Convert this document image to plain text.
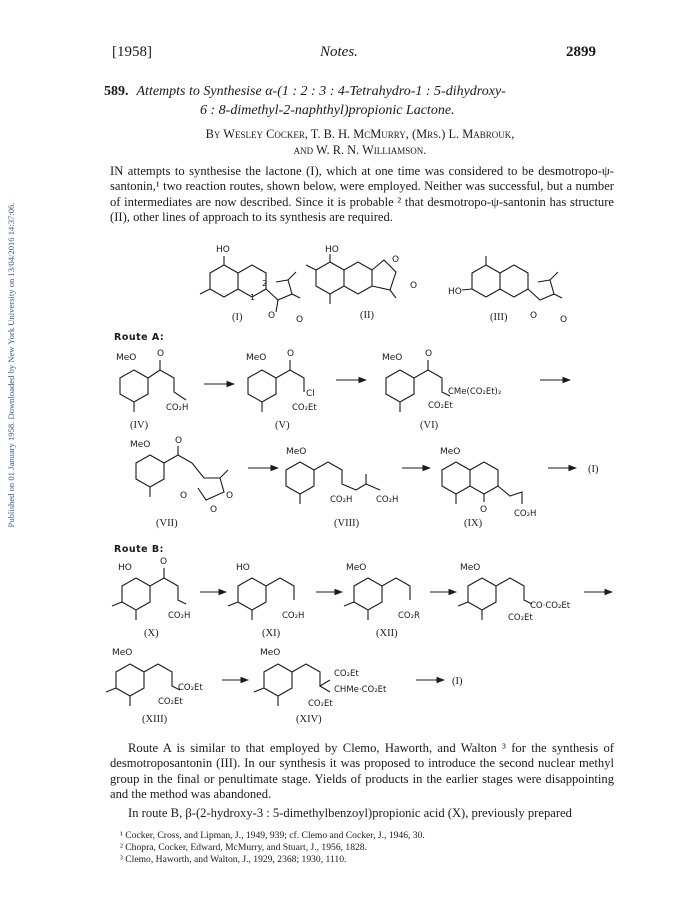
[1958]	Notes.	2899
Published on 01 January 1958. Downloaded by New York University on 13/04/2016 14:37:06.
589. Attempts to Synthesise α-(1 : 2 : 3 : 4-Tetrahydro-1 : 5-dihydroxy-
6 : 8-dimethyl-2-naphthyl)propionic Lactone.
By Wesley Cocker, T. B. H. McMurry, (Mrs.) L. Mabrouk,
and W. R. N. Williamson.
IN attempts to synthesise the lactone (I), which at one time was considered to be desmotropo-ψ-santonin,¹ two reaction routes, shown below, were employed. Neither was successful, but a number of intermediates are now described. Since it is probable ² that desmotropo-ψ-santonin has structure (II), other lines of approach to its synthesis are required.
HO
1
2
O O
(I)
HO
O
O
(II)
HO
O	O
(III)
Route A:
MeO O
CO₂H
(IV)
MeO O
Cl
CO₂Et
(V)
MeO	O
CMe(CO₂Et)₂
CO₂Et
(VI)
MeO	O
O	O
O
(VII)
MeO
CO₂H	CO₂H
(VIII)
MeO
O	CO₂H
(IX)
(I)
Route B:
HO
O
CO₂H
(X)
HO
CO₂H
(XI)
MeO
CO₂R
(XII)
MeO
CO·CO₂Et
CO₂Et
MeO
CO₂Et
CO₂Et
(XIII)
MeO
CO₂Et
CHMe·CO₂Et
CO₂Et
(XIV)
(I)
Route A is similar to that employed by Clemo, Haworth, and Walton ³ for the synthesis of desmotroposantonin (III). In our synthesis it was proposed to introduce the second nuclear methyl group in the final or penultimate stage. Yields of products in the earlier stages were disappointing and the method was abandoned.
In route B, β-(2-hydroxy-3 : 5-dimethylbenzoyl)propionic acid (X), previously prepared
¹ Cocker, Cross, and Lipman, J., 1949, 939; cf. Clemo and Cocker, J., 1946, 30.
² Chopra, Cocker, Edward, McMurry, and Stuart, J., 1956, 1828.
³ Clemo, Haworth, and Walton, J., 1929, 2368; 1930, 1110.
